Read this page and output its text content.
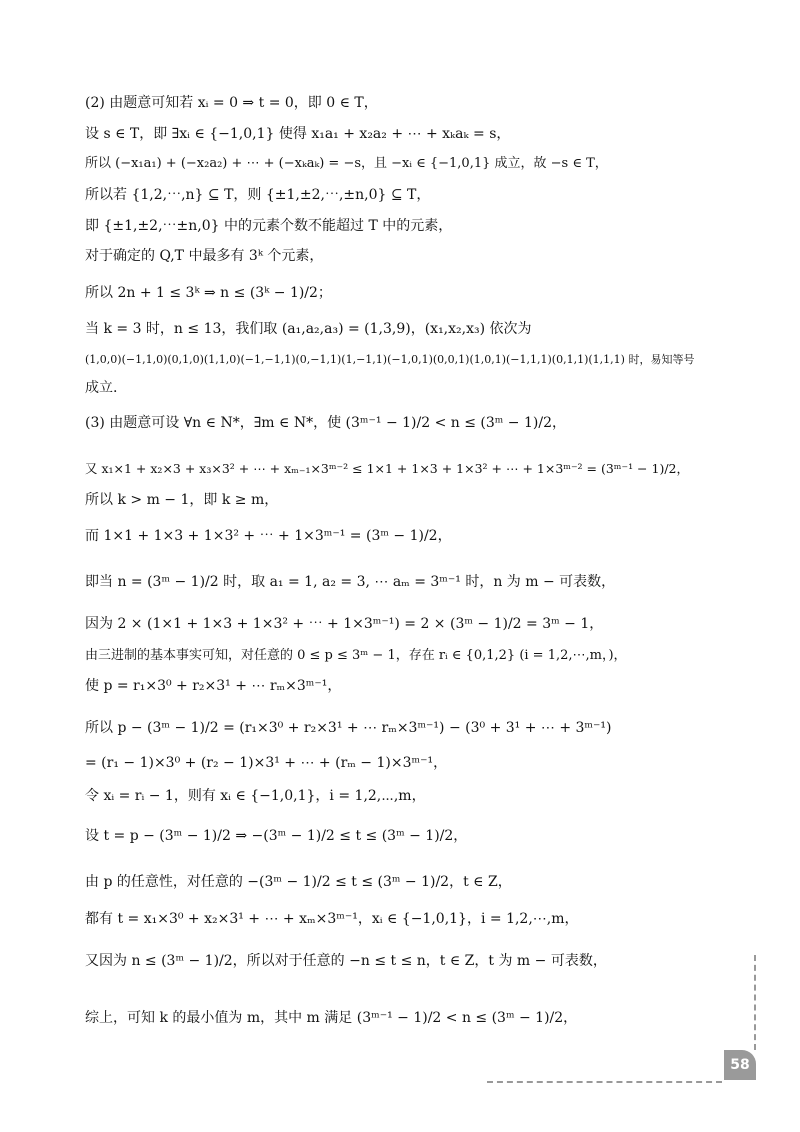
(2) 由题意可知若 xᵢ = 0 ⇒ t = 0，即 0 ∈ T，
设 s ∈ T，即 ∃xᵢ ∈ {−1,0,1} 使得 x₁a₁ + x₂a₂ + ⋯ + xₖaₖ = s，
所以 (−x₁a₁) + (−x₂a₂) + ⋯ + (−xₖaₖ) = −s，且 −xᵢ ∈ {−1,0,1} 成立，故 −s ∈ T，
所以若 {1,2,⋯,n} ⊆ T，则 {±1,±2,⋯,±n,0} ⊆ T，
即 {±1,±2,⋯±n,0} 中的元素个数不能超过 T 中的元素，
对于确定的 Q,T 中最多有 3ᵏ 个元素，
所以 2n + 1 ≤ 3ᵏ ⇒ n ≤ (3ᵏ − 1)/2；
当 k = 3 时，n ≤ 13，我们取 (a₁,a₂,a₃) = (1,3,9)，(x₁,x₂,x₃) 依次为
(1,0,0)(−1,1,0)(0,1,0)(1,1,0)(−1,−1,1)(0,−1,1)(1,−1,1)(−1,0,1)(0,0,1)(1,0,1)(−1,1,1)(0,1,1)(1,1,1) 时，易知等号
成立.
(3) 由题意可设 ∀n ∈ N*，∃m ∈ N*，使 (3ᵐ⁻¹ − 1)/2 < n ≤ (3ᵐ − 1)/2，
又 x₁×1 + x₂×3 + x₃×3² + ⋯ + xₘ₋₁×3ᵐ⁻² ≤ 1×1 + 1×3 + 1×3² + ⋯ + 1×3ᵐ⁻² = (3ᵐ⁻¹ − 1)/2，
所以 k > m − 1，即 k ≥ m，
而 1×1 + 1×3 + 1×3² + ⋯ + 1×3ᵐ⁻¹ = (3ᵐ − 1)/2，
即当 n = (3ᵐ − 1)/2 时，取 a₁ = 1, a₂ = 3, ⋯ aₘ = 3ᵐ⁻¹ 时，n 为 m − 可表数，
因为 2 × (1×1 + 1×3 + 1×3² + ⋯ + 1×3ᵐ⁻¹) = 2 × (3ᵐ − 1)/2 = 3ᵐ − 1，
由三进制的基本事实可知，对任意的 0 ≤ p ≤ 3ᵐ − 1，存在 rᵢ ∈ {0,1,2} (i = 1,2,⋯,m，)，
使 p = r₁×3⁰ + r₂×3¹ + ⋯ rₘ×3ᵐ⁻¹，
所以 p − (3ᵐ − 1)/2 = (r₁×3⁰ + r₂×3¹ + ⋯ rₘ×3ᵐ⁻¹) − (3⁰ + 3¹ + ⋯ + 3ᵐ⁻¹)
= (r₁ − 1)×3⁰ + (r₂ − 1)×3¹ + ⋯ + (rₘ − 1)×3ᵐ⁻¹，
令 xᵢ = rᵢ − 1，则有 xᵢ ∈ {−1,0,1}，i = 1,2,⋯,m，
设 t = p − (3ᵐ − 1)/2 ⇒ −(3ᵐ − 1)/2 ≤ t ≤ (3ᵐ − 1)/2，
由 p 的任意性，对任意的 −(3ᵐ − 1)/2 ≤ t ≤ (3ᵐ − 1)/2，t ∈ Z，
都有 t = x₁×3⁰ + x₂×3¹ + ⋯ + xₘ×3ᵐ⁻¹，xᵢ ∈ {−1,0,1}，i = 1,2,⋯,m，
又因为 n ≤ (3ᵐ − 1)/2，所以对于任意的 −n ≤ t ≤ n，t ∈ Z，t 为 m − 可表数，
综上，可知 k 的最小值为 m，其中 m 满足 (3ᵐ⁻¹ − 1)/2 < n ≤ (3ᵐ − 1)/2，
58
